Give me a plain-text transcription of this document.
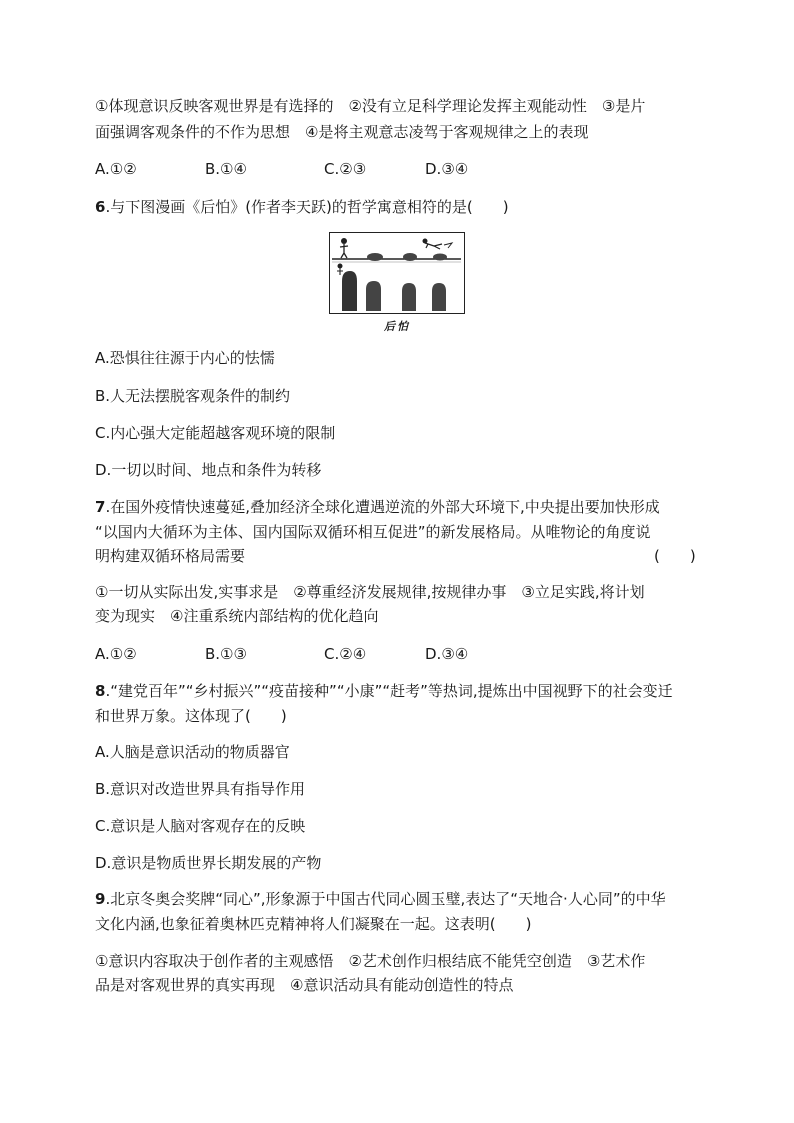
①体现意识反映客观世界是有选择的　②没有立足科学理论发挥主观能动性　③是片
面强调客观条件的不作为思想　④是将主观意志凌驾于客观规律之上的表现
A.①②	B.①④	C.②③	D.③④
6.与下图漫画《后怕》(作者李天跃)的哲学寓意相符的是(　　)
后怕
A.恐惧往往源于内心的怯懦
B.人无法摆脱客观条件的制约
C.内心强大定能超越客观环境的限制
D.一切以时间、地点和条件为转移
7.在国外疫情快速蔓延,叠加经济全球化遭遇逆流的外部大环境下,中央提出要加快形成
“以国内大循环为主体、国内国际双循环相互促进”的新发展格局。从唯物论的角度说
明构建双循环格局需要	(　　)
①一切从实际出发,实事求是　②尊重经济发展规律,按规律办事　③立足实践,将计划
变为现实　④注重系统内部结构的优化趋向
A.①②	B.①③	C.②④	D.③④
8.“建党百年”“乡村振兴”“疫苗接种”“小康”“赶考”等热词,提炼出中国视野下的社会变迁
和世界万象。这体现了(　　)
A.人脑是意识活动的物质器官
B.意识对改造世界具有指导作用
C.意识是人脑对客观存在的反映
D.意识是物质世界长期发展的产物
9.北京冬奥会奖牌“同心”,形象源于中国古代同心圆玉璧,表达了“天地合·人心同”的中华
文化内涵,也象征着奥林匹克精神将人们凝聚在一起。这表明(　　)
①意识内容取决于创作者的主观感悟　②艺术创作归根结底不能凭空创造　③艺术作
品是对客观世界的真实再现　④意识活动具有能动创造性的特点
